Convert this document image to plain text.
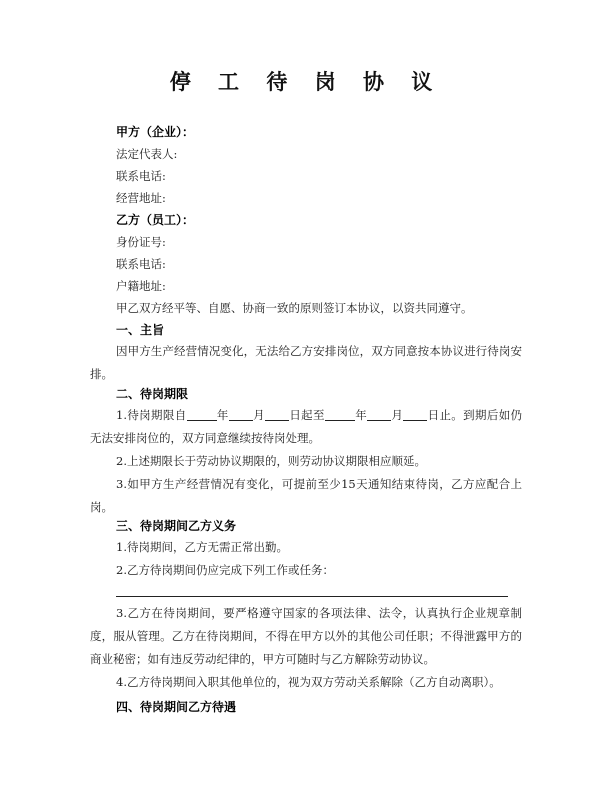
停 工 待 岗 协 议
甲方（企业）：
法定代表人:
联系电话:
经营地址:
乙方（员工）：
身份证号:
联系电话:
户籍地址:
甲乙双方经平等、自愿、协商一致的原则签订本协议，以资共同遵守。
一、主旨
因甲方生产经营情况变化，无法给乙方安排岗位，双方同意按本协议进行待岗安排。
二、待岗期限
1.待岗期限自	年 月 日起至	年 月 日止。到期后如仍无法安排岗位的，双方同意继续按待岗处理。
2.上述期限长于劳动协议期限的，则劳动协议期限相应顺延。
3.如甲方生产经营情况有变化，可提前至少15天通知结束待岗，乙方应配合上岗。
三、待岗期间乙方义务
1.待岗期间，乙方无需正常出勤。
2.乙方待岗期间仍应完成下列工作或任务：
3.乙方在待岗期间，要严格遵守国家的各项法律、法令，认真执行企业规章制度，服从管理。乙方在待岗期间，不得在甲方以外的其他公司任职；不得泄露甲方的商业秘密；如有违反劳动纪律的，甲方可随时与乙方解除劳动协议。
4.乙方待岗期间入职其他单位的，视为双方劳动关系解除（乙方自动离职）。
四、待岗期间乙方待遇
